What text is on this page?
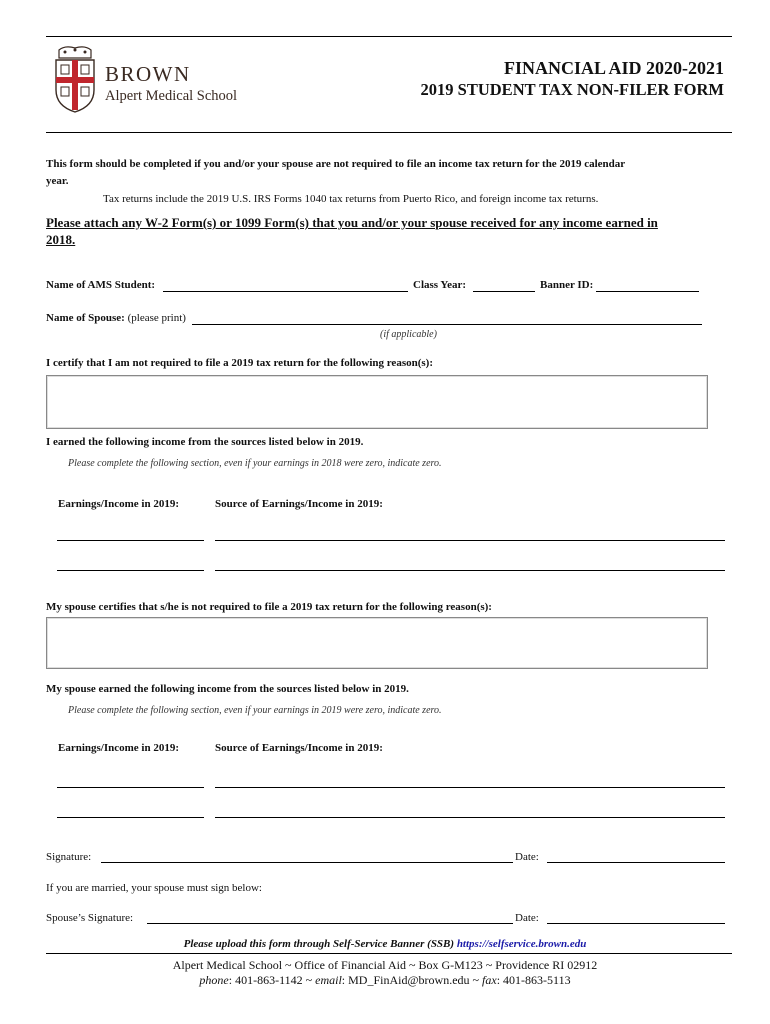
BROWN
Alpert Medical School
FINANCIAL AID 2020-2021
2019 STUDENT TAX NON-FILER FORM
This form should be completed if you and/or your spouse are not required to file an income tax return for the 2019 calendar
year.
Tax returns include the 2019 U.S. IRS Forms 1040 tax returns from Puerto Rico, and foreign income tax returns.
Please attach any W-2 Form(s) or 1099 Form(s) that you and/or your spouse received for any income earned in
2018.
Name of AMS Student:	Class Year:	Banner ID:
Name of Spouse: (please print)
(if applicable)
I certify that I am not required to file a 2019 tax return for the following reason(s):
I earned the following income from the sources listed below in 2019.
Please complete the following section, even if your earnings in 2018 were zero, indicate zero.
Earnings/Income in 2019:	Source of Earnings/Income in 2019:
My spouse certifies that s/he is not required to file a 2019 tax return for the following reason(s):
My spouse earned the following income from the sources listed below in 2019.
Please complete the following section, even if your earnings in 2019 were zero, indicate zero.
Earnings/Income in 2019:	Source of Earnings/Income in 2019:
Signature:	Date:
If you are married, your spouse must sign below:
Spouse’s Signature:	Date:
Please upload this form through Self-Service Banner (SSB) https://selfservice.brown.edu
Alpert Medical School ~ Office of Financial Aid ~ Box G-M123 ~ Providence RI 02912
phone: 401-863-1142 ~ email: MD_FinAid@brown.edu ~ fax: 401-863-5113
